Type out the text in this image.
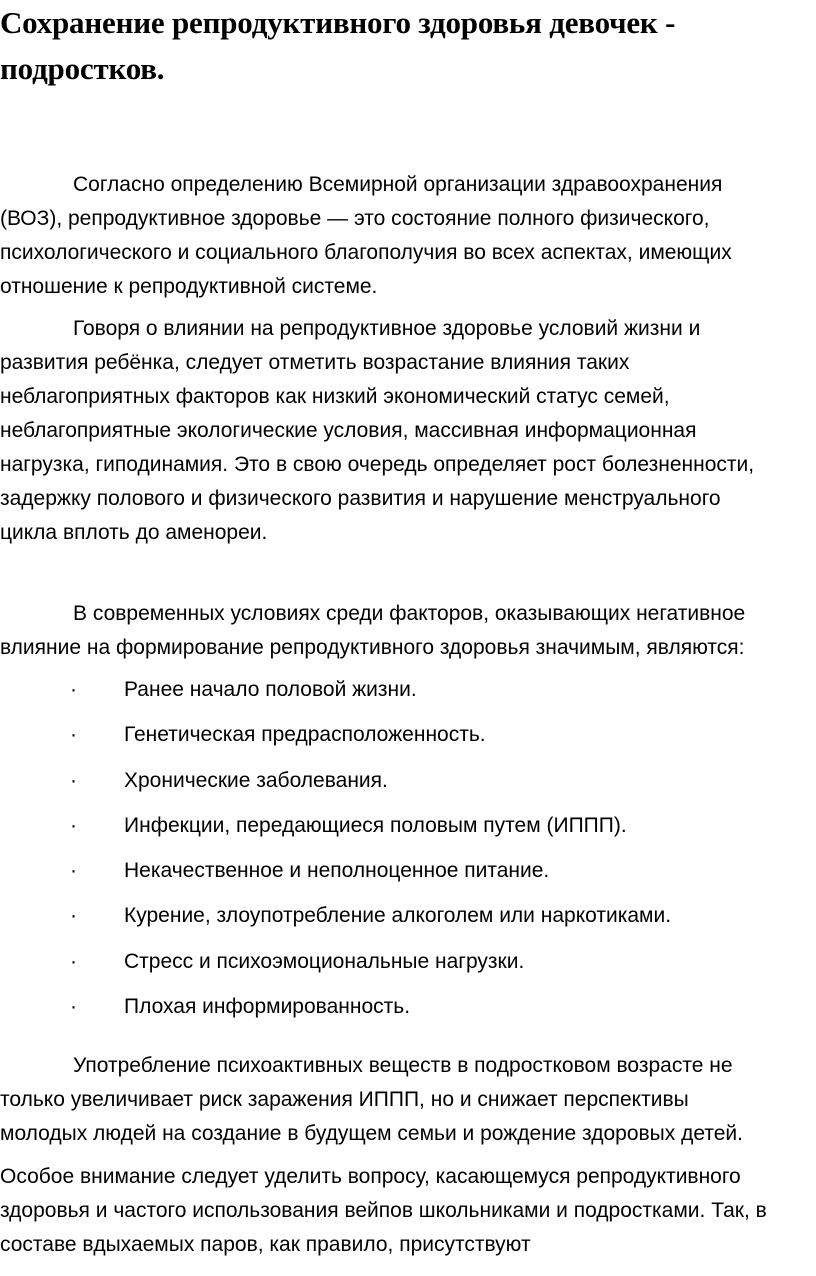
Сохранение репродуктивного здоровья девочек -
подростков.

Согласно определению Всемирной организации здравоохранения
(ВОЗ), репродуктивное здоровье — это состояние полного физического,
психологического и социального благополучия во всех аспектах, имеющих
отношение к репродуктивной системе.

Говоря о влиянии на репродуктивное здоровье условий жизни и
развития ребёнка, следует отметить возрастание влияния таких
неблагоприятных факторов как низкий экономический статус семей,
неблагоприятные экологические условия, массивная информационная
нагрузка, гиподинамия. Это в свою очередь определяет рост болезненности,
задержку полового и физического развития и нарушение менструального
цикла вплоть до аменореи.

В современных условиях среди факторов, оказывающих негативное
влияние на формирование репродуктивного здоровья значимым, являются:

·	Ранее начало половой жизни.
·	Генетическая предрасположенность.
·	Хронические заболевания.
·	Инфекции, передающиеся половым путем (ИППП).
·	Некачественное и неполноценное питание.
·	Курение, злоупотребление алкоголем или наркотиками.
·	Стресс и психоэмоциональные нагрузки.
·	Плохая информированность.

Употребление психоактивных веществ в подростковом возрасте не
только увеличивает риск заражения ИППП, но и снижает перспективы
молодых людей на создание в будущем семьи и рождение здоровых детей.

Особое внимание следует уделить вопросу, касающемуся репродуктивного
здоровья и частого использования вейпов школьниками и подростками. Так, в
составе вдыхаемых паров, как правило, присутствуют
